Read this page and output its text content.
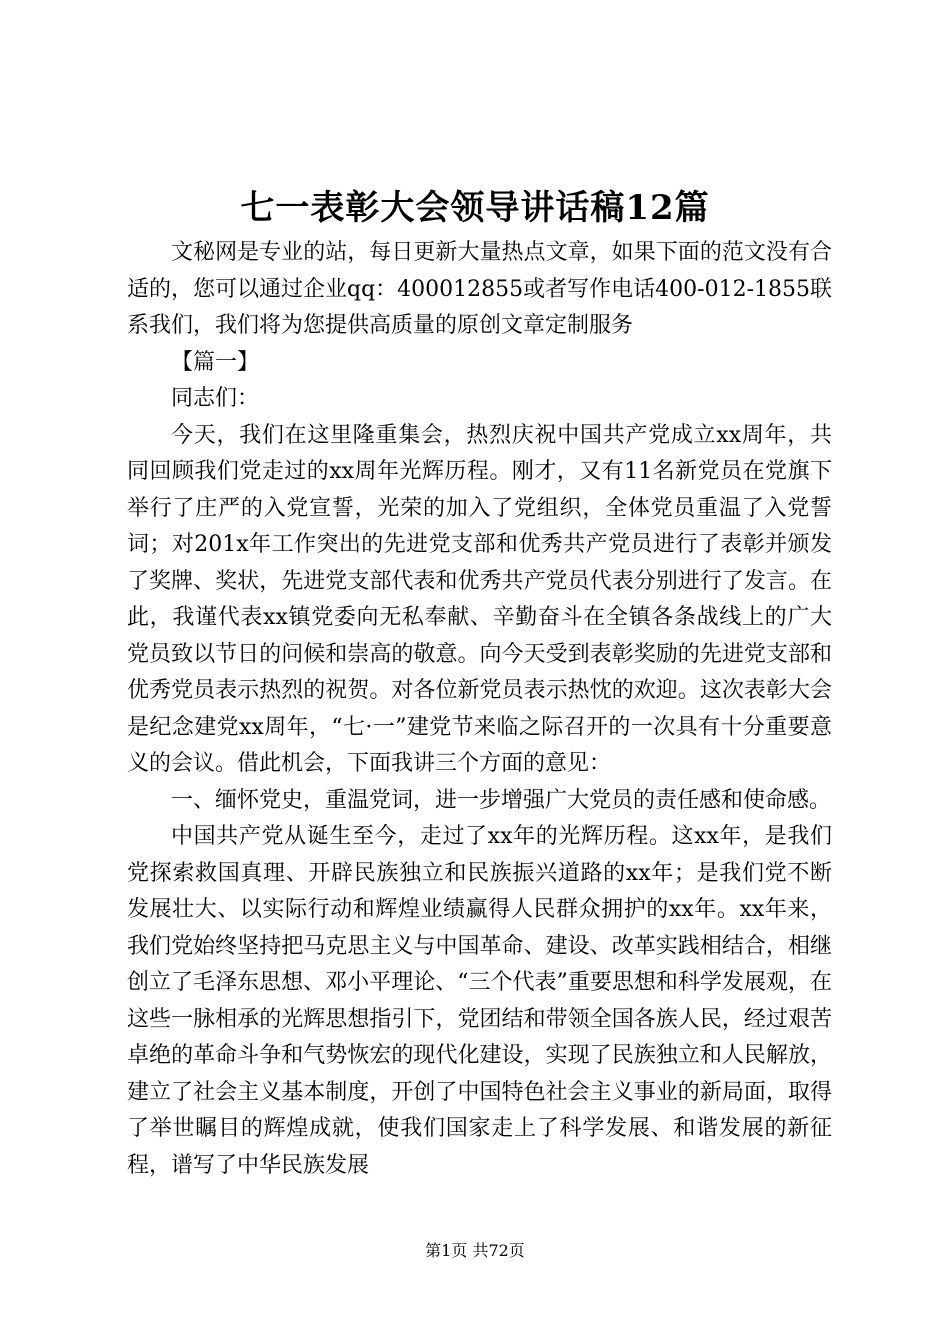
七一表彰大会领导讲话稿12篇

文秘网是专业的站，每日更新大量热点文章，如果下面的范文没有合适的，您可以通过企业qq：400012855或者写作电话400-012-1855联系我们，我们将为您提供高质量的原创文章定制服务

【篇一】

同志们：

今天，我们在这里隆重集会，热烈庆祝中国共产党成立xx周年，共同回顾我们党走过的xx周年光辉历程。刚才，又有11名新党员在党旗下举行了庄严的入党宣誓，光荣的加入了党组织，全体党员重温了入党誓词；对201x年工作突出的先进党支部和优秀共产党员进行了表彰并颁发了奖牌、奖状，先进党支部代表和优秀共产党员代表分别进行了发言。在此，我谨代表xx镇党委向无私奉献、辛勤奋斗在全镇各条战线上的广大党员致以节日的问候和崇高的敬意。向今天受到表彰奖励的先进党支部和优秀党员表示热烈的祝贺。对各位新党员表示热忱的欢迎。这次表彰大会是纪念建党xx周年，“七·一”建党节来临之际召开的一次具有十分重要意义的会议。借此机会，下面我讲三个方面的意见：

一、缅怀党史，重温党词，进一步增强广大党员的责任感和使命感。

中国共产党从诞生至今，走过了xx年的光辉历程。这xx年，是我们党探索救国真理、开辟民族独立和民族振兴道路的xx年；是我们党不断发展壮大、以实际行动和辉煌业绩赢得人民群众拥护的xx年。xx年来，我们党始终坚持把马克思主义与中国革命、建设、改革实践相结合，相继创立了毛泽东思想、邓小平理论、“三个代表”重要思想和科学发展观，在这些一脉相承的光辉思想指引下，党团结和带领全国各族人民，经过艰苦卓绝的革命斗争和气势恢宏的现代化建设，实现了民族独立和人民解放，建立了社会主义基本制度，开创了中国特色社会主义事业的新局面，取得了举世瞩目的辉煌成就，使我们国家走上了科学发展、和谐发展的新征程，谱写了中华民族发展

第1页 共72页
